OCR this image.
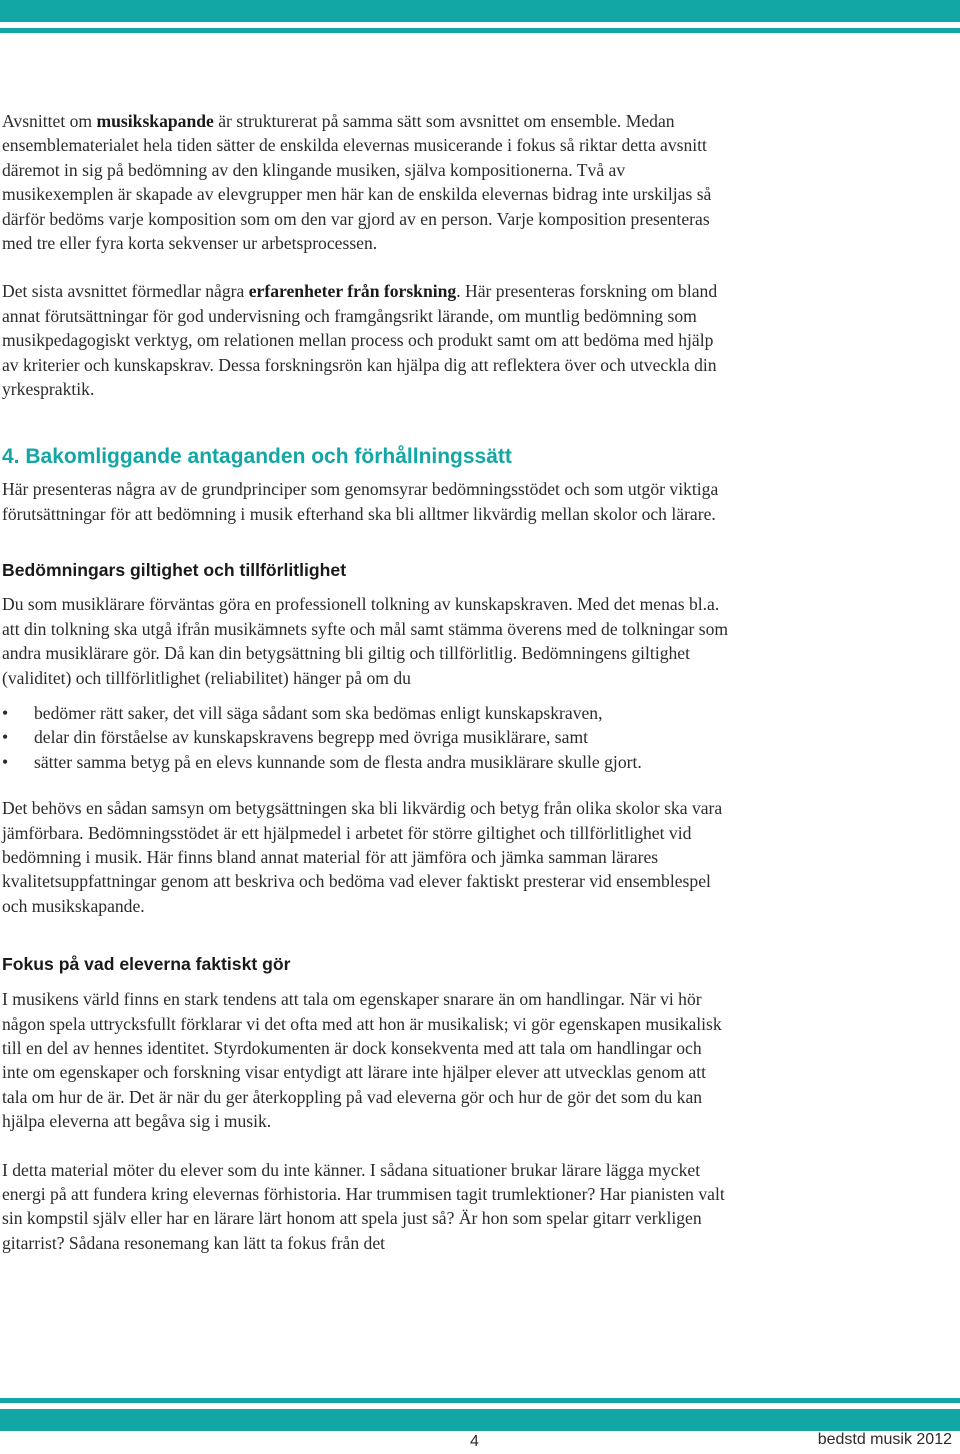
Avsnittet om musikskapande är strukturerat på samma sätt som avsnittet om ensemble. Medan ensemblematerialet hela tiden sätter de enskilda elevernas musicerande i fokus så riktar detta avsnitt däremot in sig på bedömning av den klingande musiken, själva kompositionerna. Två av musikexemplen är skapade av elevgrupper men här kan de enskilda elevernas bidrag inte urskiljas så därför bedöms varje komposition som om den var gjord av en person. Varje komposition presenteras med tre eller fyra korta sekvenser ur arbetsprocessen.

Det sista avsnittet förmedlar några erfarenheter från forskning. Här presenteras forskning om bland annat förutsättningar för god undervisning och framgångsrikt lärande, om muntlig bedömning som musikpedagogiskt verktyg, om relationen mellan process och produkt samt om att bedöma med hjälp av kriterier och kunskapskrav. Dessa forskningsrön kan hjälpa dig att reflektera över och utveckla din yrkespraktik.

4. Bakomliggande antaganden och förhållningssätt

Här presenteras några av de grundprinciper som genomsyrar bedömningsstödet och som utgör viktiga förutsättningar för att bedömning i musik efterhand ska bli alltmer likvärdig mellan skolor och lärare.

Bedömningars giltighet och tillförlitlighet

Du som musiklärare förväntas göra en professionell tolkning av kunskapskraven. Med det menas bl.a. att din tolkning ska utgå ifrån musikämnets syfte och mål samt stämma överens med de tolkningar som andra musiklärare gör. Då kan din betygsättning bli giltig och tillförlitlig. Bedömningens giltighet (validitet) och tillförlitlighet (reliabilitet) hänger på om du

• bedömer rätt saker, det vill säga sådant som ska bedömas enligt kunskapskraven,
• delar din förståelse av kunskapskravens begrepp med övriga musiklärare, samt
• sätter samma betyg på en elevs kunnande som de flesta andra musiklärare skulle gjort.

Det behövs en sådan samsyn om betygsättningen ska bli likvärdig och betyg från olika skolor ska vara jämförbara. Bedömningsstödet är ett hjälpmedel i arbetet för större giltighet och tillförlitlighet vid bedömning i musik. Här finns bland annat material för att jämföra och jämka samman lärares kvalitetsuppfattningar genom att beskriva och bedöma vad elever faktiskt presterar vid ensemblespel och musikskapande.

Fokus på vad eleverna faktiskt gör

I musikens värld finns en stark tendens att tala om egenskaper snarare än om handlingar. När vi hör någon spela uttrycksfullt förklarar vi det ofta med att hon är musikalisk; vi gör egenskapen musikalisk till en del av hennes identitet. Styrdokumenten är dock konsekventa med att tala om handlingar och inte om egenskaper och forskning visar entydigt att lärare inte hjälper elever att utvecklas genom att tala om hur de är. Det är när du ger återkoppling på vad eleverna gör och hur de gör det som du kan hjälpa eleverna att begåva sig i musik.

I detta material möter du elever som du inte känner. I sådana situationer brukar lärare lägga mycket energi på att fundera kring elevernas förhistoria. Har trummisen tagit trumlektioner? Har pianisten valt sin kompstil själv eller har en lärare lärt honom att spela just så? Är hon som spelar gitarr verkligen gitarrist? Sådana resonemang kan lätt ta fokus från det

4	bedstd musik 2012
